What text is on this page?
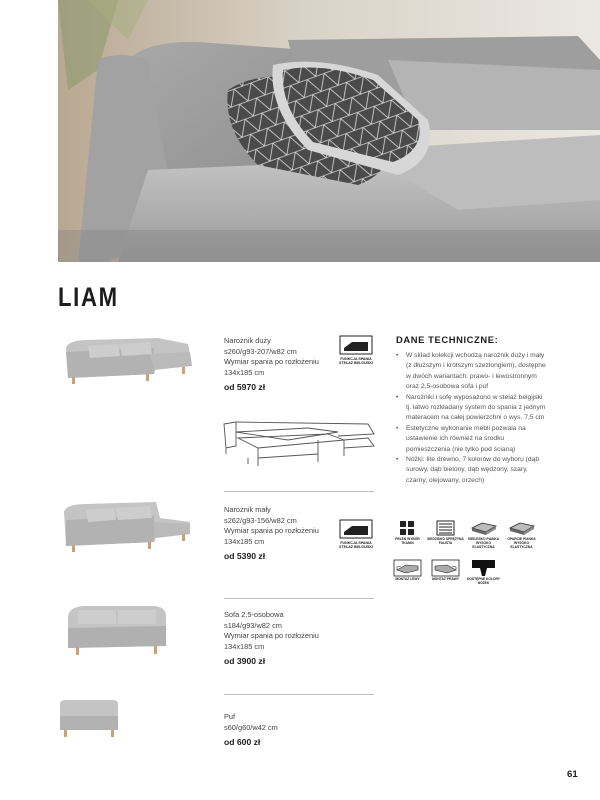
LIAM
Narożnik duży
s260/g93-207/w82 cm
Wymiar spania po rozłożeniu
134x185 cm
od 5970 zł
FUNKCJA SPANIA STELAŻ BELGIJSKI
Narożnik mały
s262/g93-156/w82 cm
Wymiar spania po rozłożeniu
134x185 cm
od 5390 zł
FUNKCJA SPANIA STELAŻ BELGIJSKI
Sofa 2,5-osobowa
s184/g93/w82 cm
Wymiar spania po rozłożeniu
134x185 cm
od 3900 zł
Puf
s60/g60/w42 cm
od 600 zł
DANE TECHNICZNE:
• W skład kolekcji wchodzą narożnik duży i mały (z dłuższym i krótszym szezlongiem), dostępne w dwóch wariantach: prawo- i lewostronnym oraz 2,5-osobowa sofa i puf
• Narożniki i sofę wyposażono w stelaż belgijski tj. łatwo rozkładany system do spania z jednym materacem na całej powierzchni o wys. 7,5 cm
• Estetyczne wykonanie mebli pozwala na ustawienie ich również na środku pomieszczenia (nie tylko pod ścianą)
• Nóżki: lite drewno, 7 kolorów do wyboru (dąb surowy, dąb bielony, dąb wędzony, szary, czarny, olejowany, orzech)
PEŁEN WYBÓR TKANIN
SIEDZISKO SPRĘŻYNA FALISTA
SIEDZISKO PIANKA WYSOKO ELASTYCZNA
OPARCIE PIANKA WYSOKO ELASTYCZNA
MONTAŻ LEWY	MONTAŻ PRAWY	DOSTĘPNE KOLORY NÓŻEK
61
